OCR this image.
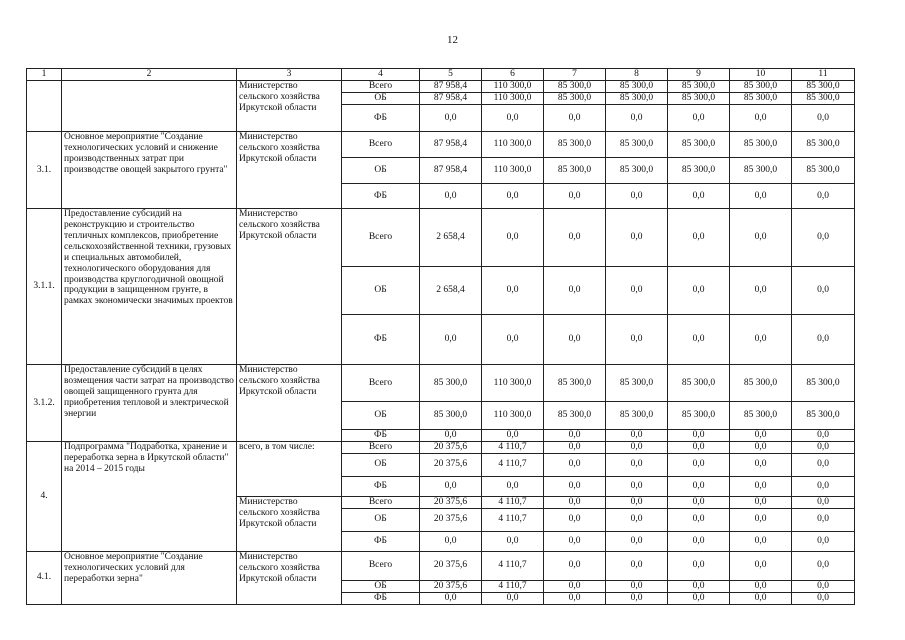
12
1	2	3	4	5	6	7	8	9	10	11
		Министерство сельского хозяйства Иркутской области	Всего	87 958,4	110 300,0	85 300,0	85 300,0	85 300,0	85 300,0	85 300,0
			ОБ	87 958,4	110 300,0	85 300,0	85 300,0	85 300,0	85 300,0	85 300,0
			ФБ	0,0	0,0	0,0	0,0	0,0	0,0	0,0
3.1.	Основное мероприятие "Создание технологических условий и снижение производственных затрат при производстве овощей закрытого грунта"	Министерство сельского хозяйства Иркутской области	Всего	87 958,4	110 300,0	85 300,0	85 300,0	85 300,0	85 300,0	85 300,0
			ОБ	87 958,4	110 300,0	85 300,0	85 300,0	85 300,0	85 300,0	85 300,0
			ФБ	0,0	0,0	0,0	0,0	0,0	0,0	0,0
3.1.1.	Предоставление субсидий на реконструкцию и строительство тепличных комплексов, приобретение сельскохозяйственной техники, грузовых и специальных автомобилей, технологического оборудования для производства круглогодичной овощной продукции в защищенном грунте, в рамках экономически значимых проектов	Министерство сельского хозяйства Иркутской области	Всего	2 658,4	0,0	0,0	0,0	0,0	0,0	0,0
			ОБ	2 658,4	0,0	0,0	0,0	0,0	0,0	0,0
			ФБ	0,0	0,0	0,0	0,0	0,0	0,0	0,0
3.1.2.	Предоставление субсидий в целях возмещения части затрат на производство овощей защищенного грунта для приобретения тепловой и электрической энергии	Министерство сельского хозяйства Иркутской области	Всего	85 300,0	110 300,0	85 300,0	85 300,0	85 300,0	85 300,0	85 300,0
			ОБ	85 300,0	110 300,0	85 300,0	85 300,0	85 300,0	85 300,0	85 300,0
			ФБ	0,0	0,0	0,0	0,0	0,0	0,0	0,0
4.	Подпрограмма "Подработка, хранение и переработка зерна в Иркутской области" на 2014 – 2015 годы	всего, в том числе:	Всего	20 375,6	4 110,7	0,0	0,0	0,0	0,0	0,0
			ОБ	20 375,6	4 110,7	0,0	0,0	0,0	0,0	0,0
			ФБ	0,0	0,0	0,0	0,0	0,0	0,0	0,0
		Министерство сельского хозяйства Иркутской области	Всего	20 375,6	4 110,7	0,0	0,0	0,0	0,0	0,0
			ОБ	20 375,6	4 110,7	0,0	0,0	0,0	0,0	0,0
			ФБ	0,0	0,0	0,0	0,0	0,0	0,0	0,0
4.1.	Основное мероприятие "Создание технологических условий для переработки зерна"	Министерство сельского хозяйства Иркутской области	Всего	20 375,6	4 110,7	0,0	0,0	0,0	0,0	0,0
			ОБ	20 375,6	4 110,7	0,0	0,0	0,0	0,0	0,0
			ФБ	0,0	0,0	0,0	0,0	0,0	0,0	0,0
